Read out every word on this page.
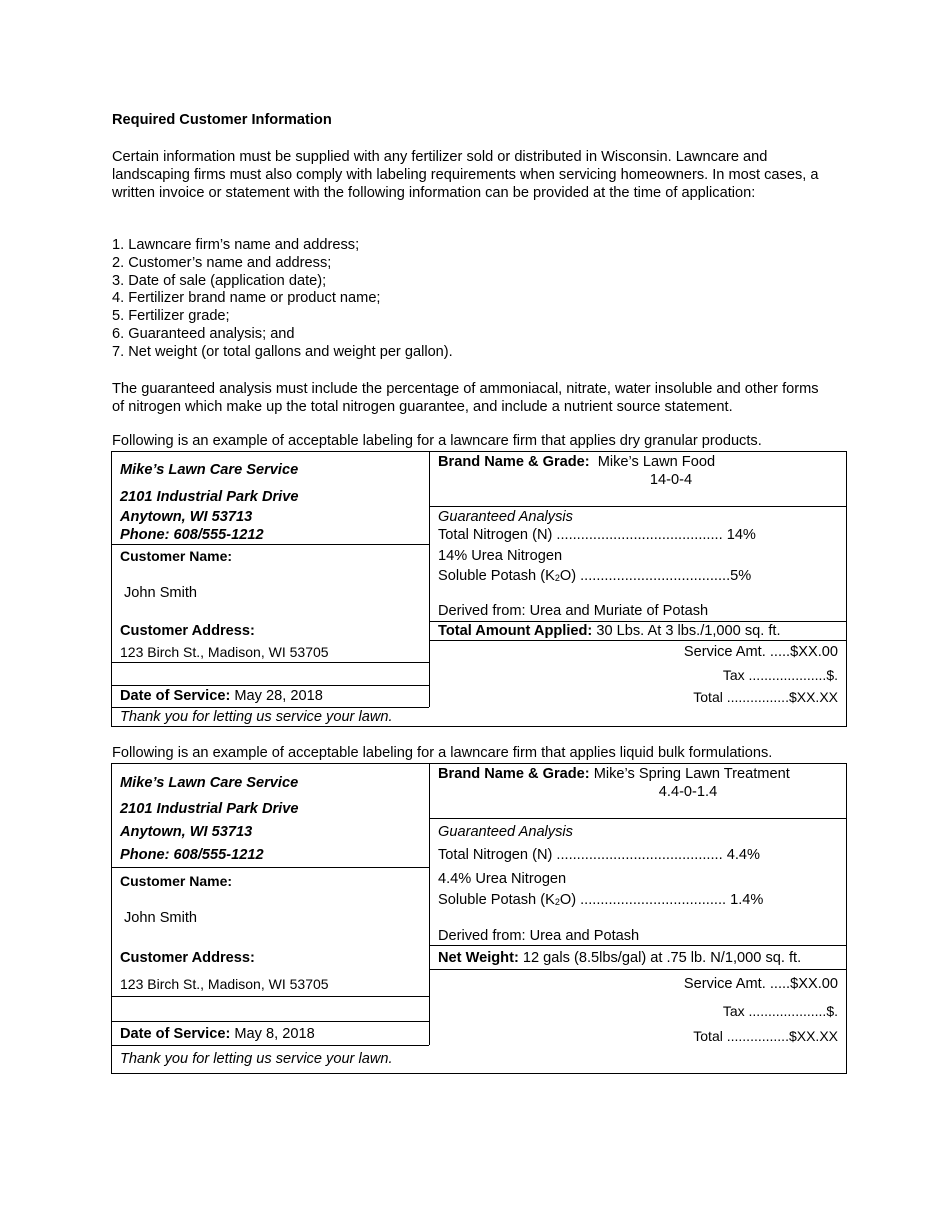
Required Customer Information
Certain information must be supplied with any fertilizer sold or distributed in Wisconsin. Lawncare and landscaping firms must also comply with labeling requirements when servicing homeowners. In most cases, a written invoice or statement with the following information can be provided at the time of application:
1. Lawncare firm’s name and address;
2. Customer’s name and address;
3. Date of sale (application date);
4. Fertilizer brand name or product name;
5. Fertilizer grade;
6. Guaranteed analysis; and
7. Net weight (or total gallons and weight per gallon).
The guaranteed analysis must include the percentage of ammoniacal, nitrate, water insoluble and other forms of nitrogen which make up the total nitrogen guarantee, and include a nutrient source statement.
Following is an example of acceptable labeling for a lawncare firm that applies dry granular products.
Mike’s Lawn Care Service
2101 Industrial Park Drive
Anytown, WI 53713
Phone: 608/555-1212
Customer Name:
John Smith
Customer Address:
123 Birch St., Madison, WI 53705
Date of Service: May 28, 2018
Thank you for letting us service your lawn.
Brand Name & Grade: Mike’s Lawn Food
14-0-4
Guaranteed Analysis
Total Nitrogen (N) ......................................... 14%
14% Urea Nitrogen
Soluble Potash $(K_2O)$ .....................................5%
Derived from: Urea and Muriate of Potash
Total Amount Applied: 30 Lbs. At 3 lbs./1,000 sq. ft.
Service Amt. .....$XX.00
Tax ....................$.
Total ................$XX.XX
Following is an example of acceptable labeling for a lawncare firm that applies liquid bulk formulations.
Mike’s Lawn Care Service
2101 Industrial Park Drive
Anytown, WI 53713
Phone: 608/555-1212
Customer Name:
John Smith
Customer Address:
123 Birch St., Madison, WI 53705
Date of Service: May 8, 2018
Thank you for letting us service your lawn.
Brand Name & Grade: Mike’s Spring Lawn Treatment
4.4-0-1.4
Guaranteed Analysis
Total Nitrogen (N) ......................................... 4.4%
4.4% Urea Nitrogen
Soluble Potash $(K_2O)$ .................................... 1.4%
Derived from: Urea and Potash
Net Weight: 12 gals (8.5lbs/gal) at .75 lb. N/1,000 sq. ft.
Service Amt. .....$XX.00
Tax ....................$.
Total ................$XX.XX
